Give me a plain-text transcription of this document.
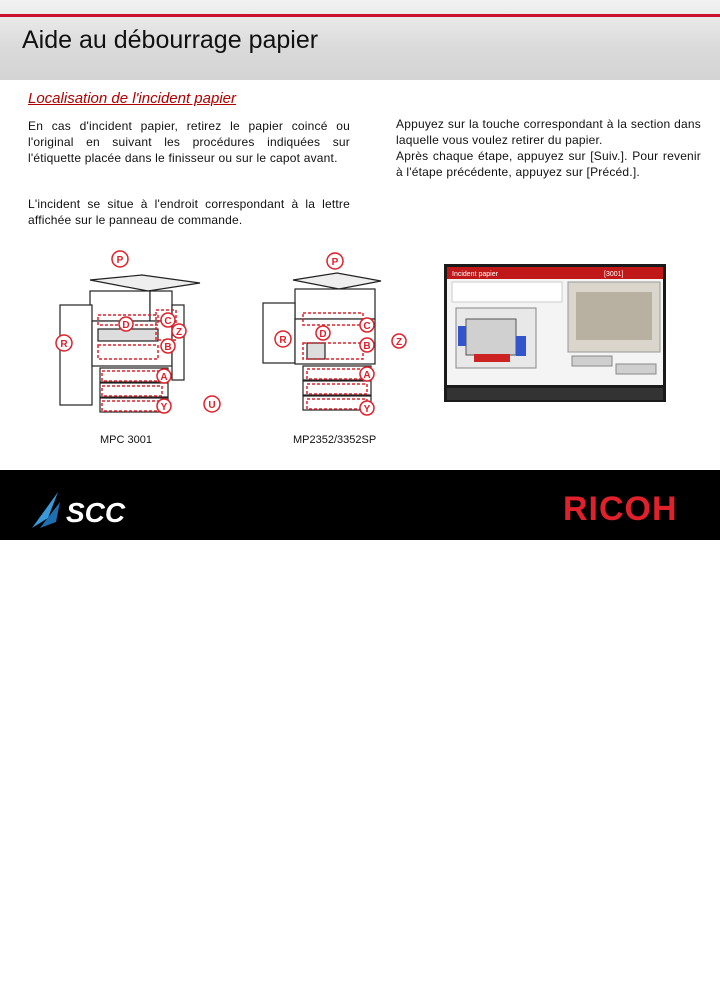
Aide au débourrage papier
Localisation de l'incident papier
En cas d'incident papier, retirez le papier coincé ou l'original en suivant les procédures indiquées sur l'étiquette placée dans le finisseur ou sur le capot avant.
L'incident se situe à l'endroit correspondant à la lettre affichée sur le panneau de commande.
Appuyez sur la touche correspondant à la section dans laquelle vous voulez retirer du papier.
Après chaque étape, appuyez sur [Suiv.]. Pour revenir à l'étape précédente, appuyez sur [Précéd.].
P
D	C
Z
R	B
A
Y	U
MPC 3001
P
D
C
Z
R
B
A
Y
MP2352/3352SP
Incident papier	[3001]
SCC
14
RICOH
